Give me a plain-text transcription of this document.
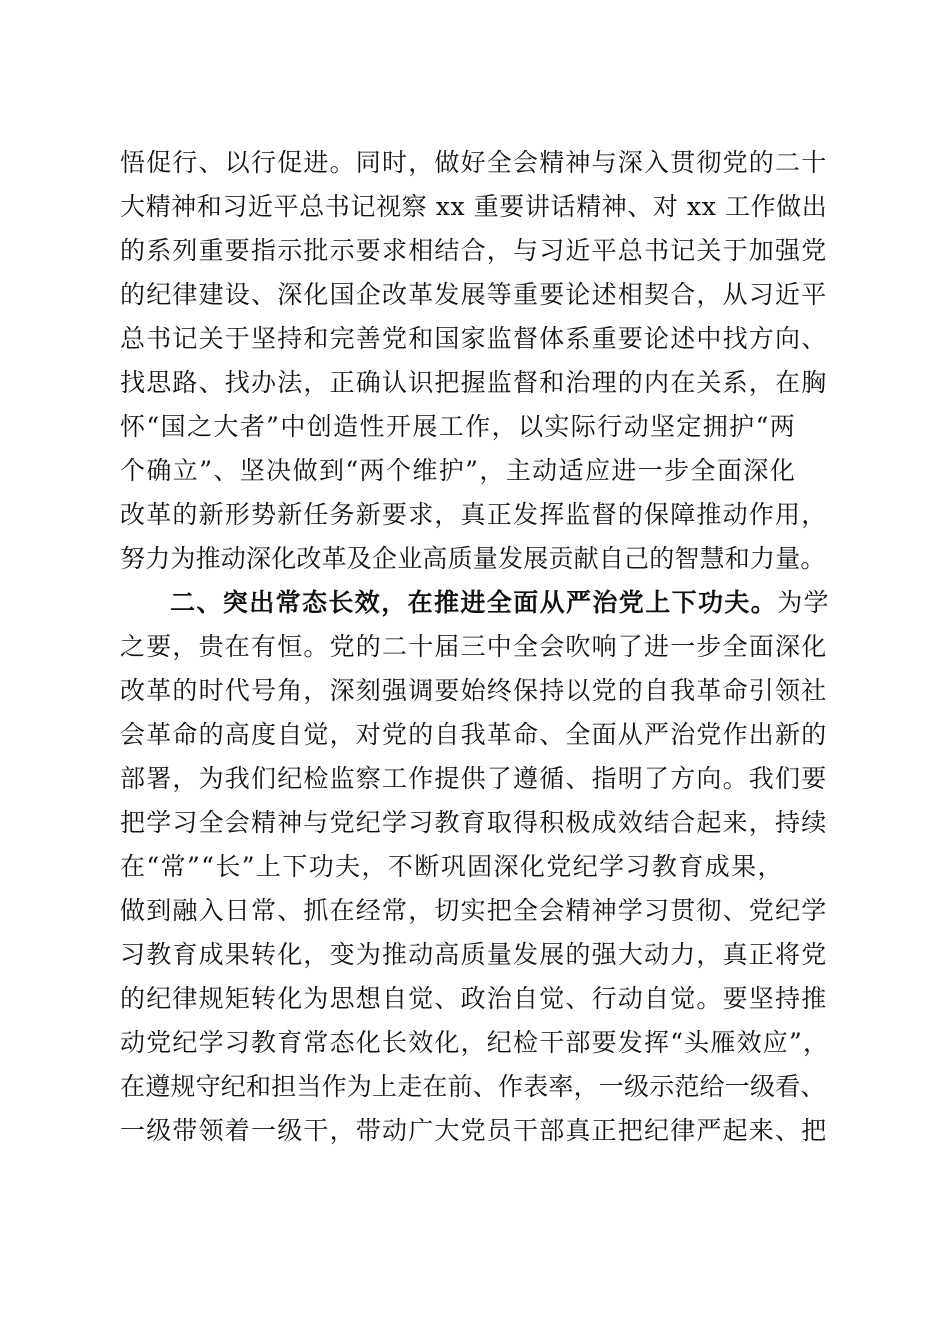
悟促行、以行促进。同时，做好全会精神与深入贯彻党的二十
大精神和习近平总书记视察 xx 重要讲话精神、对 xx 工作做出
的系列重要指示批示要求相结合，与习近平总书记关于加强党
的纪律建设、深化国企改革发展等重要论述相契合，从习近平
总书记关于坚持和完善党和国家监督体系重要论述中找方向、
找思路、找办法，正确认识把握监督和治理的内在关系，在胸
怀“国之大者”中创造性开展工作，以实际行动坚定拥护“两
个确立”、坚决做到“两个维护”，主动适应进一步全面深化
改革的新形势新任务新要求，真正发挥监督的保障推动作用，
努力为推动深化改革及企业高质量发展贡献自己的智慧和力量。
二、突出常态长效，在推进全面从严治党上下功夫。为学
之要，贵在有恒。党的二十届三中全会吹响了进一步全面深化
改革的时代号角，深刻强调要始终保持以党的自我革命引领社
会革命的高度自觉，对党的自我革命、全面从严治党作出新的
部署，为我们纪检监察工作提供了遵循、指明了方向。我们要
把学习全会精神与党纪学习教育取得积极成效结合起来，持续
在“常”“长”上下功夫，不断巩固深化党纪学习教育成果，
做到融入日常、抓在经常，切实把全会精神学习贯彻、党纪学
习教育成果转化，变为推动高质量发展的强大动力，真正将党
的纪律规矩转化为思想自觉、政治自觉、行动自觉。要坚持推
动党纪学习教育常态化长效化，纪检干部要发挥“头雁效应”，
在遵规守纪和担当作为上走在前、作表率，一级示范给一级看、
一级带领着一级干，带动广大党员干部真正把纪律严起来、把
